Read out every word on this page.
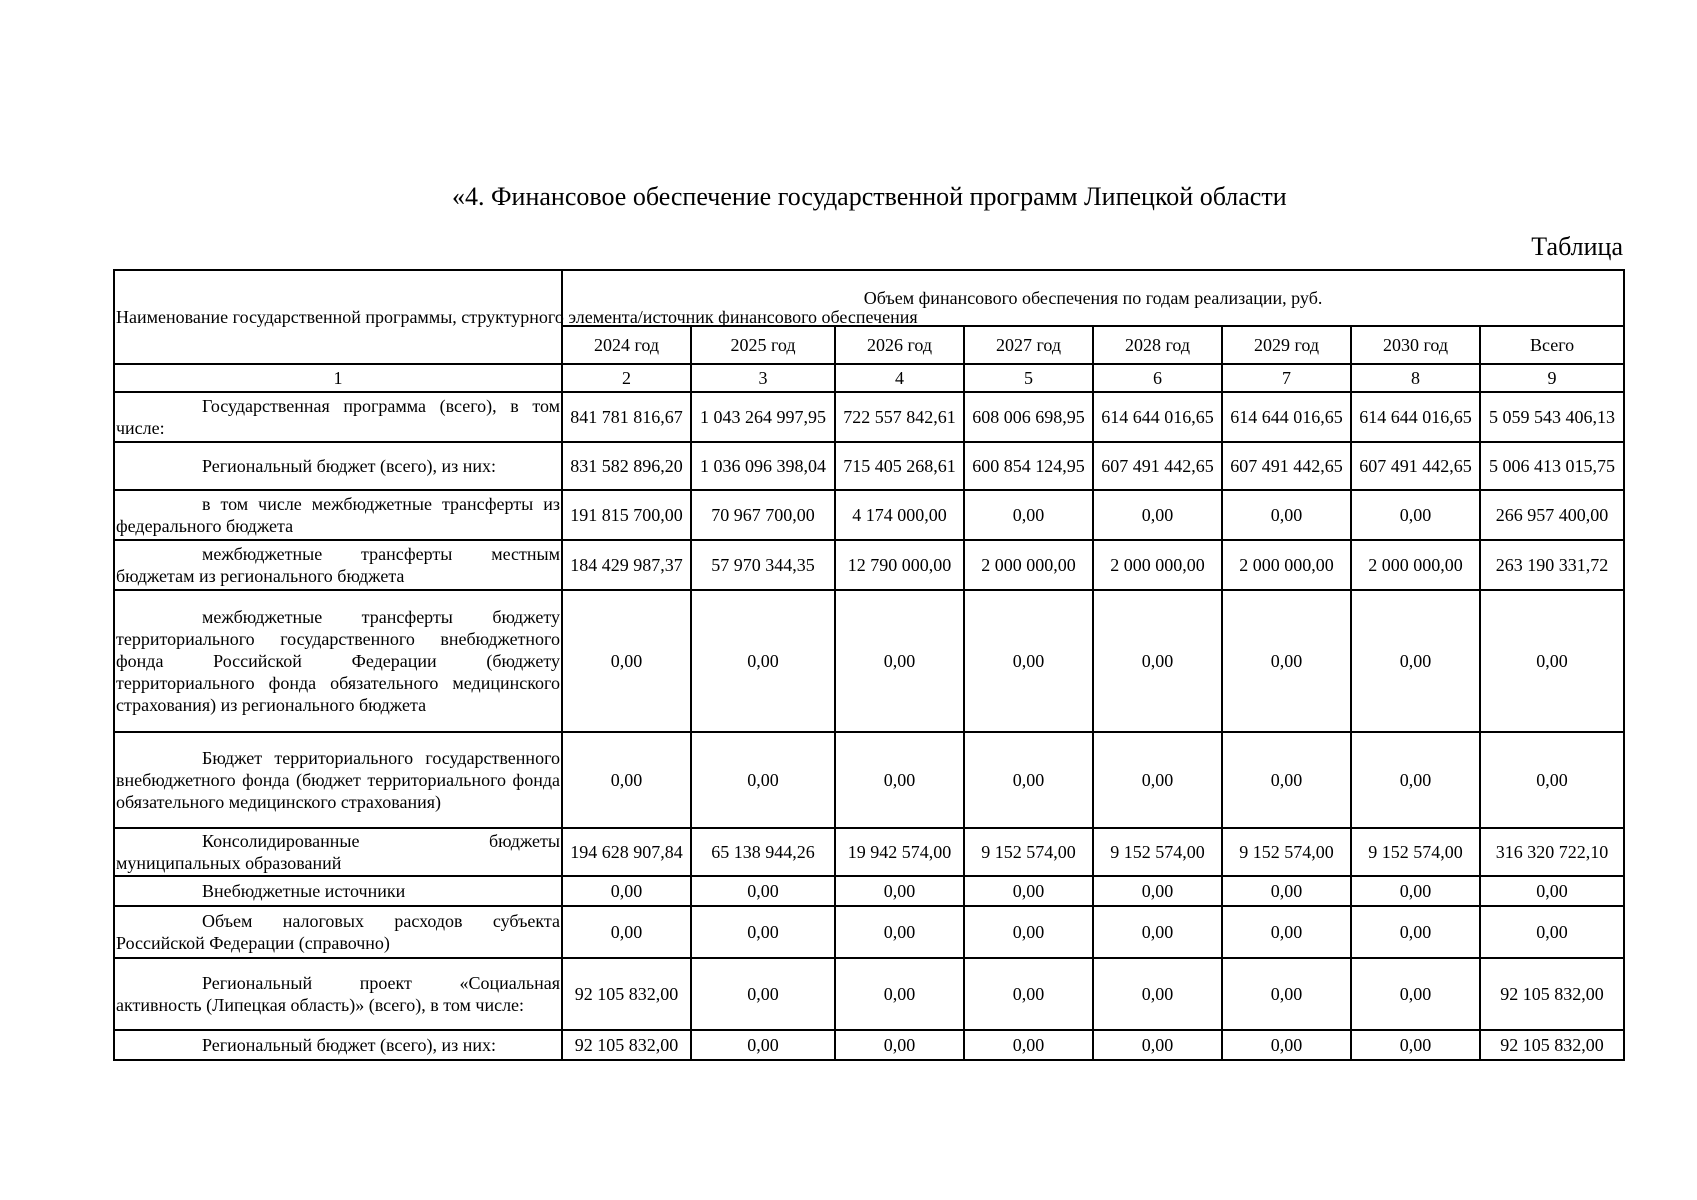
«4. Финансовое обеспечение государственной программ Липецкой области
Таблица
Наименование государственной программы, структурного элемента/источник финансового обеспечения	Объем финансового обеспечения по годам реализации, руб.							
	2024 год	2025 год	2026 год	2027 год	2028 год	2029 год	2030 год	Всего
1	2	3	4	5	6	7	8	9

Государственная программа (всего), в том числе:	841 781 816,67	1 043 264 997,95	722 557 842,61	608 006 698,95	614 644 016,65	614 644 016,65	614 644 016,65	5 059 543 406,13

Региональный бюджет (всего), из них:	831 582 896,20	1 036 096 398,04	715 405 268,61	600 854 124,95	607 491 442,65	607 491 442,65	607 491 442,65	5 006 413 015,75

в том числе межбюджетные трансферты из федерального бюджета	191 815 700,00	70 967 700,00	4 174 000,00	0,00	0,00	0,00	0,00	266 957 400,00

межбюджетные трансферты местным бюджетам из регионального бюджета	184 429 987,37	57 970 344,35	12 790 000,00	2 000 000,00	2 000 000,00	2 000 000,00	2 000 000,00	263 190 331,72

межбюджетные трансферты бюджету территориального государственного внебюджетного фонда Российской Федерации (бюджету территориального фонда обязательного медицинского страхования) из регионального бюджета	0,00	0,00	0,00	0,00	0,00	0,00	0,00	0,00

Бюджет территориального государственного внебюджетного фонда (бюджет территориального фонда обязательного медицинского страхования)	0,00	0,00	0,00	0,00	0,00	0,00	0,00	0,00

Консолидированные бюджеты муниципальных образований	194 628 907,84	65 138 944,26	19 942 574,00	9 152 574,00	9 152 574,00	9 152 574,00	9 152 574,00	316 320 722,10

Внебюджетные источники	0,00	0,00	0,00	0,00	0,00	0,00	0,00	0,00

Объем налоговых расходов субъекта Российской Федерации (справочно)	0,00	0,00	0,00	0,00	0,00	0,00	0,00	0,00

Региональный проект «Социальная активность (Липецкая область)» (всего), в том числе:	92 105 832,00	0,00	0,00	0,00	0,00	0,00	0,00	92 105 832,00

Региональный бюджет (всего), из них:	92 105 832,00	0,00	0,00	0,00	0,00	0,00	0,00	92 105 832,00
